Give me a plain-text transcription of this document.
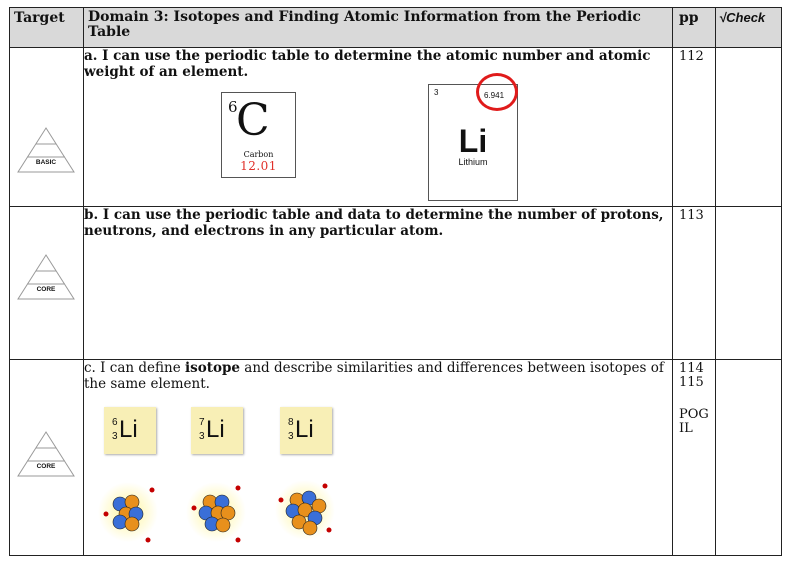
Target	Domain 3: Isotopes and Finding Atomic Information from the Periodic Table	pp	√Check

BASIC	a. I can use the periodic table to determine the atomic number and atomic weight of an element.	112	

CORE	b. I can use the periodic table and data to determine the number of protons, neutrons, and electrons in any particular atom.	113	

CORE	c. I can define isotope and describe similarities and differences between isotopes of the same element.	114
115
POG
IL	

6
C
Carbon
12.01
3	6.941
Li
Lithium
6
3 Li	7
3 Li	8
3 Li
